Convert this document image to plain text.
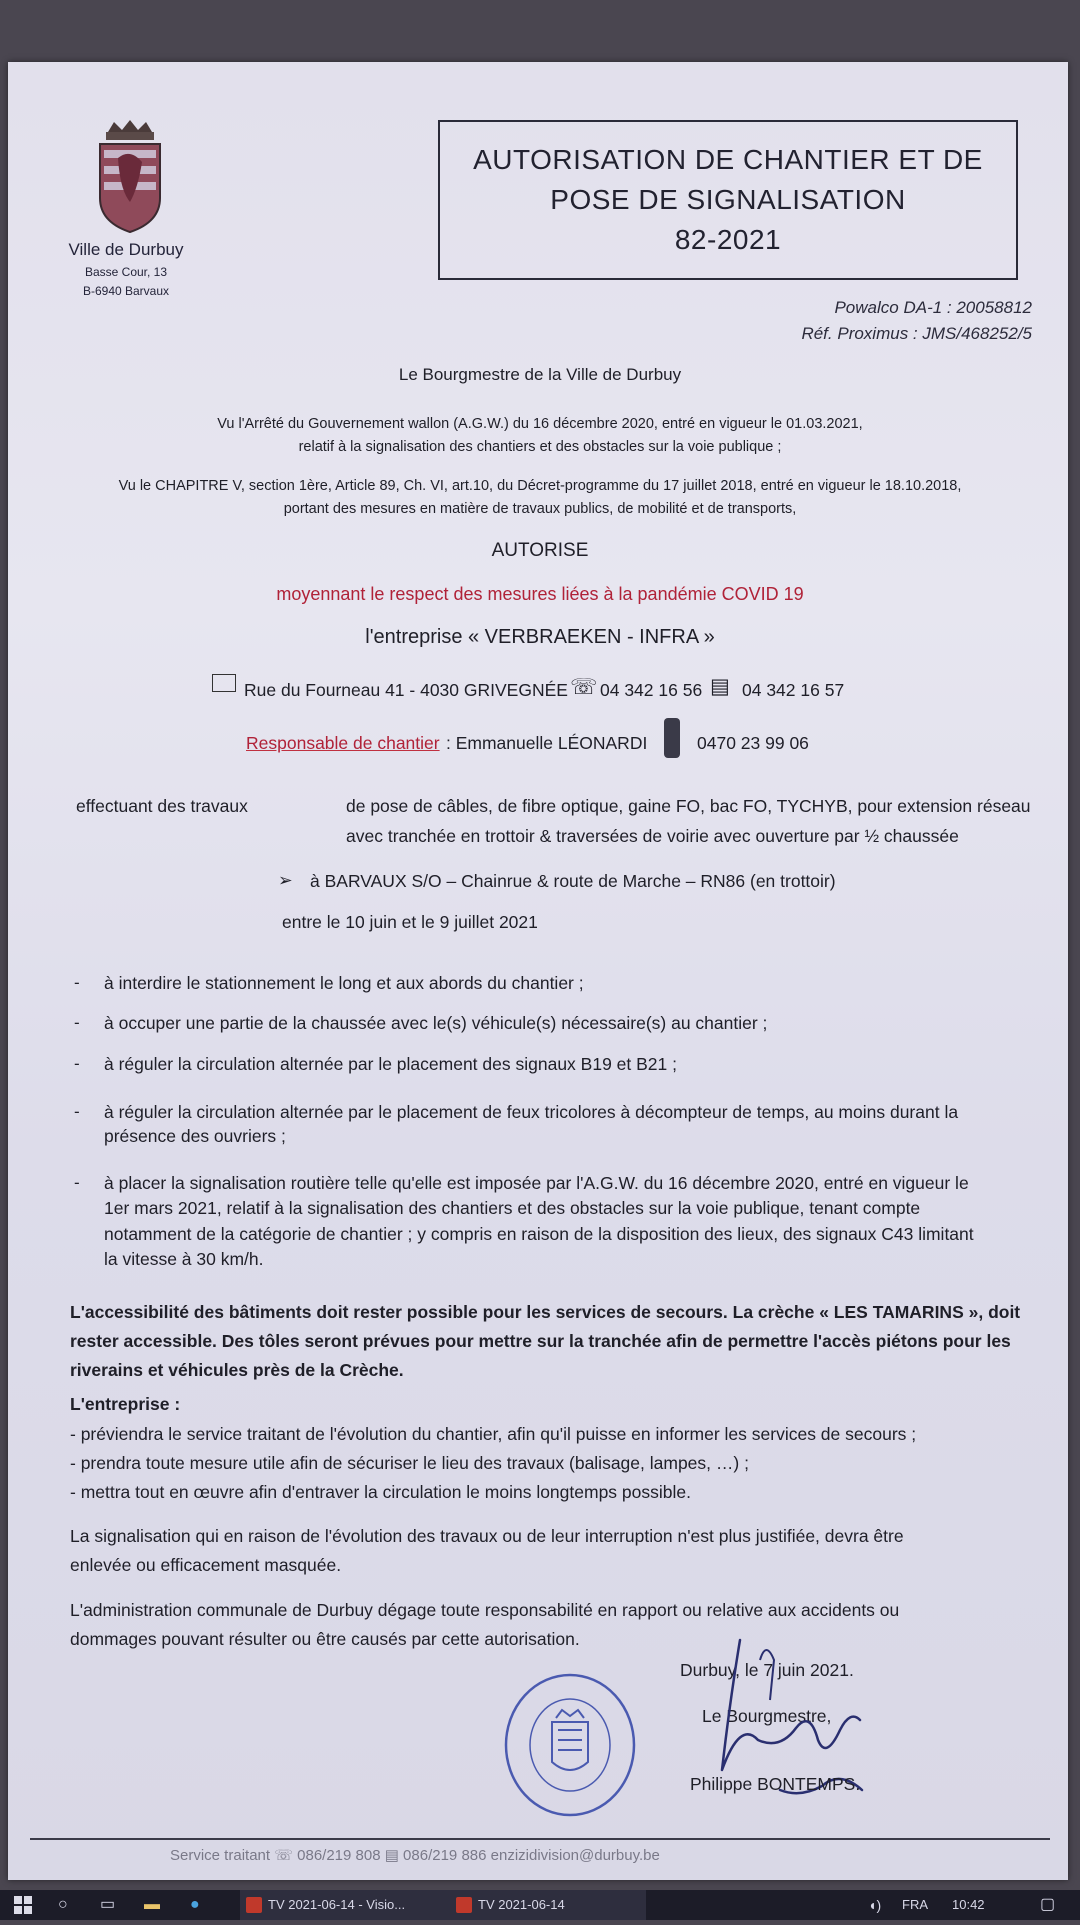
Ville de Durbuy
Basse Cour, 13
B-6940 Barvaux
AUTORISATION DE CHANTIER ET DE
POSE DE SIGNALISATION
82-2021
Powalco DA-1 : 20058812
Réf. Proximus : JMS/468252/5
Le Bourgmestre de la Ville de Durbuy
Vu l'Arrêté du Gouvernement wallon (A.G.W.) du 16 décembre 2020, entré en vigueur le 01.03.2021,
relatif à la signalisation des chantiers et des obstacles sur la voie publique ;
Vu le CHAPITRE V, section 1ère, Article 89, Ch. VI, art.10, du Décret-programme du 17 juillet 2018, entré en vigueur le 18.10.2018,
portant des mesures en matière de travaux publics, de mobilité et de transports,
AUTORISE
moyennant le respect des mesures liées à la pandémie COVID 19
l'entreprise « VERBRAEKEN - INFRA »
Rue du Fourneau 41 - 4030 GRIVEGNÉE ☏ 04 342 16 56 ▤ 04 342 16 57
Responsable de chantier : Emmanuelle LÉONARDI	0470 23 99 06
effectuant des travaux	de pose de câbles, de fibre optique, gaine FO, bac FO, TYCHYB, pour extension réseau
avec tranchée en trottoir & traversées de voirie avec ouverture par ½ chaussée
➢ à BARVAUX S/O – Chainrue & route de Marche – RN86 (en trottoir)
entre le 10 juin et le 9 juillet 2021
- à interdire le stationnement le long et aux abords du chantier ;
- à occuper une partie de la chaussée avec le(s) véhicule(s) nécessaire(s) au chantier ;
- à réguler la circulation alternée par le placement des signaux B19 et B21 ;
- à réguler la circulation alternée par le placement de feux tricolores à décompteur de temps, au moins durant la
présence des ouvriers ;
- à placer la signalisation routière telle qu'elle est imposée par l'A.G.W. du 16 décembre 2020, entré en vigueur le
1er mars 2021, relatif à la signalisation des chantiers et des obstacles sur la voie publique, tenant compte
notamment de la catégorie de chantier ; y compris en raison de la disposition des lieux, des signaux C43 limitant
la vitesse à 30 km/h.
L'accessibilité des bâtiments doit rester possible pour les services de secours. La crèche « LES TAMARINS », doit
rester accessible. Des tôles seront prévues pour mettre sur la tranchée afin de permettre l'accès piétons pour les
riverains et véhicules près de la Crèche.
L'entreprise :
- préviendra le service traitant de l'évolution du chantier, afin qu'il puisse en informer les services de secours ;
- prendra toute mesure utile afin de sécuriser le lieu des travaux (balisage, lampes, …) ;
- mettra tout en œuvre afin d'entraver la circulation le moins longtemps possible.
La signalisation qui en raison de l'évolution des travaux ou de leur interruption n'est plus justifiée, devra être
enlevée ou efficacement masquée.
L'administration communale de Durbuy dégage toute responsabilité en rapport ou relative aux accidents ou
dommages pouvant résulter ou être causés par cette autorisation.
Durbuy, le 7 juin 2021.
Le Bourgmestre,
Philippe BONTEMPS.
Service traitant ☏ 086/219 808 ▤ 086/219 886 enzizidivision@durbuy.be
○	▭	▬ ●	TV 2021-06-14 - Visio...	TV 2021-06-14	◖) FRA 10:42	▢
